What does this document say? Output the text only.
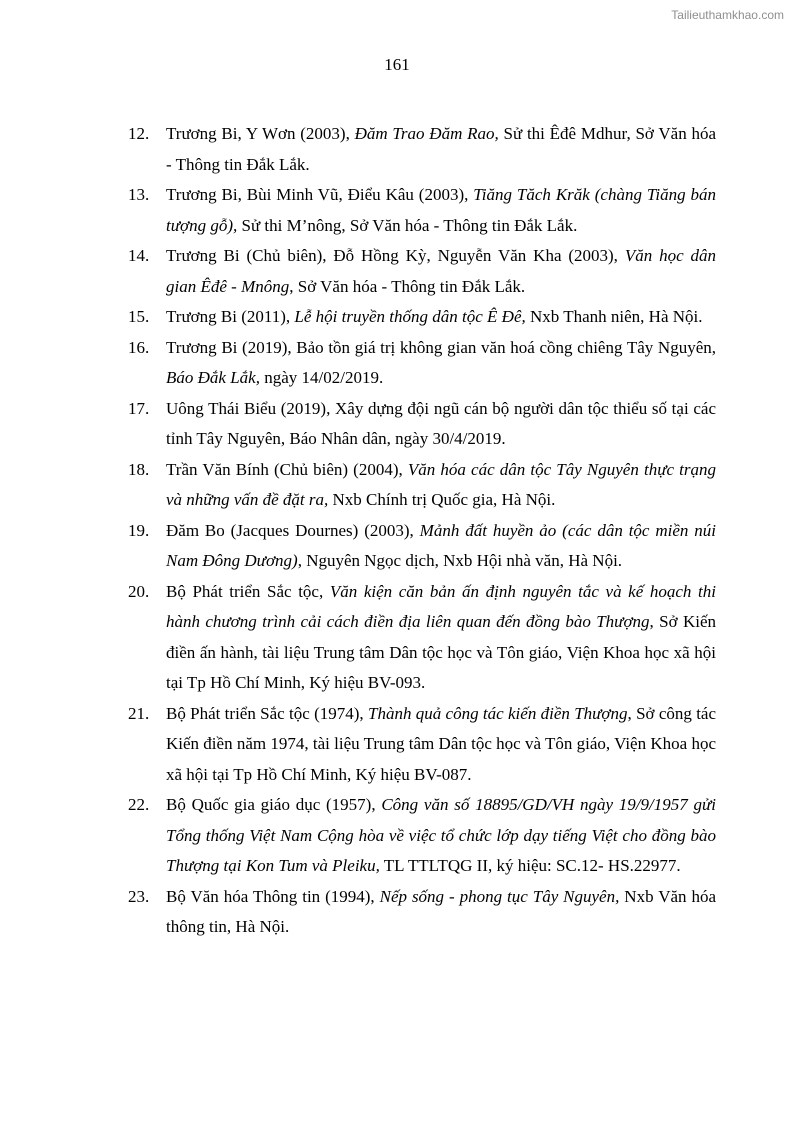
Tailieuthamkhao.com
161

12. Trương Bi, Y Wơn (2003), Đăm Trao Đăm Rao, Sử thi Êđê Mdhur, Sở Văn hóa - Thông tin Đắk Lắk.

13. Trương Bi, Bùi Minh Vũ, Điểu Kâu (2003), Tiăng Tăch Krăk (chàng Tiăng bán tượng gỗ), Sử thi M’nông, Sở Văn hóa - Thông tin Đắk Lắk.

14. Trương Bi (Chủ biên), Đỗ Hồng Kỳ, Nguyễn Văn Kha (2003), Văn học dân gian Êđê - Mnông, Sở Văn hóa - Thông tin Đắk Lắk.

15. Trương Bi (2011), Lễ hội truyền thống dân tộc Ê Đê, Nxb Thanh niên, Hà Nội.

16. Trương Bi (2019), Bảo tồn giá trị không gian văn hoá cồng chiêng Tây Nguyên, Báo Đắk Lắk, ngày 14/02/2019.

17. Uông Thái Biểu (2019), Xây dựng đội ngũ cán bộ người dân tộc thiểu số tại các tỉnh Tây Nguyên, Báo Nhân dân, ngày 30/4/2019.

18. Trần Văn Bính (Chủ biên) (2004), Văn hóa các dân tộc Tây Nguyên thực trạng và những vấn đề đặt ra, Nxb Chính trị Quốc gia, Hà Nội.

19. Đăm Bo (Jacques Dournes) (2003), Mảnh đất huyền ảo (các dân tộc miền núi Nam Đông Dương), Nguyên Ngọc dịch, Nxb Hội nhà văn, Hà Nội.

20. Bộ Phát triển Sắc tộc, Văn kiện căn bản ấn định nguyên tắc và kế hoạch thi hành chương trình cải cách điền địa liên quan đến đồng bào Thượng, Sở Kiến điền ấn hành, tài liệu Trung tâm Dân tộc học và Tôn giáo, Viện Khoa học xã hội tại Tp Hồ Chí Minh, Ký hiệu BV-093.

21. Bộ Phát triển Sắc tộc (1974), Thành quả công tác kiến điền Thượng, Sở công tác Kiến điền năm 1974, tài liệu Trung tâm Dân tộc học và Tôn giáo, Viện Khoa học xã hội tại Tp Hồ Chí Minh, Ký hiệu BV-087.

22. Bộ Quốc gia giáo dục (1957), Công văn số 18895/GD/VH ngày 19/9/1957 gửi Tổng thống Việt Nam Cộng hòa về việc tổ chức lớp dạy tiếng Việt cho đồng bào Thượng tại Kon Tum và Pleiku, TL TTLTQG II, ký hiệu: SC.12- HS.22977.

23. Bộ Văn hóa Thông tin (1994), Nếp sống - phong tục Tây Nguyên, Nxb Văn hóa thông tin, Hà Nội.
